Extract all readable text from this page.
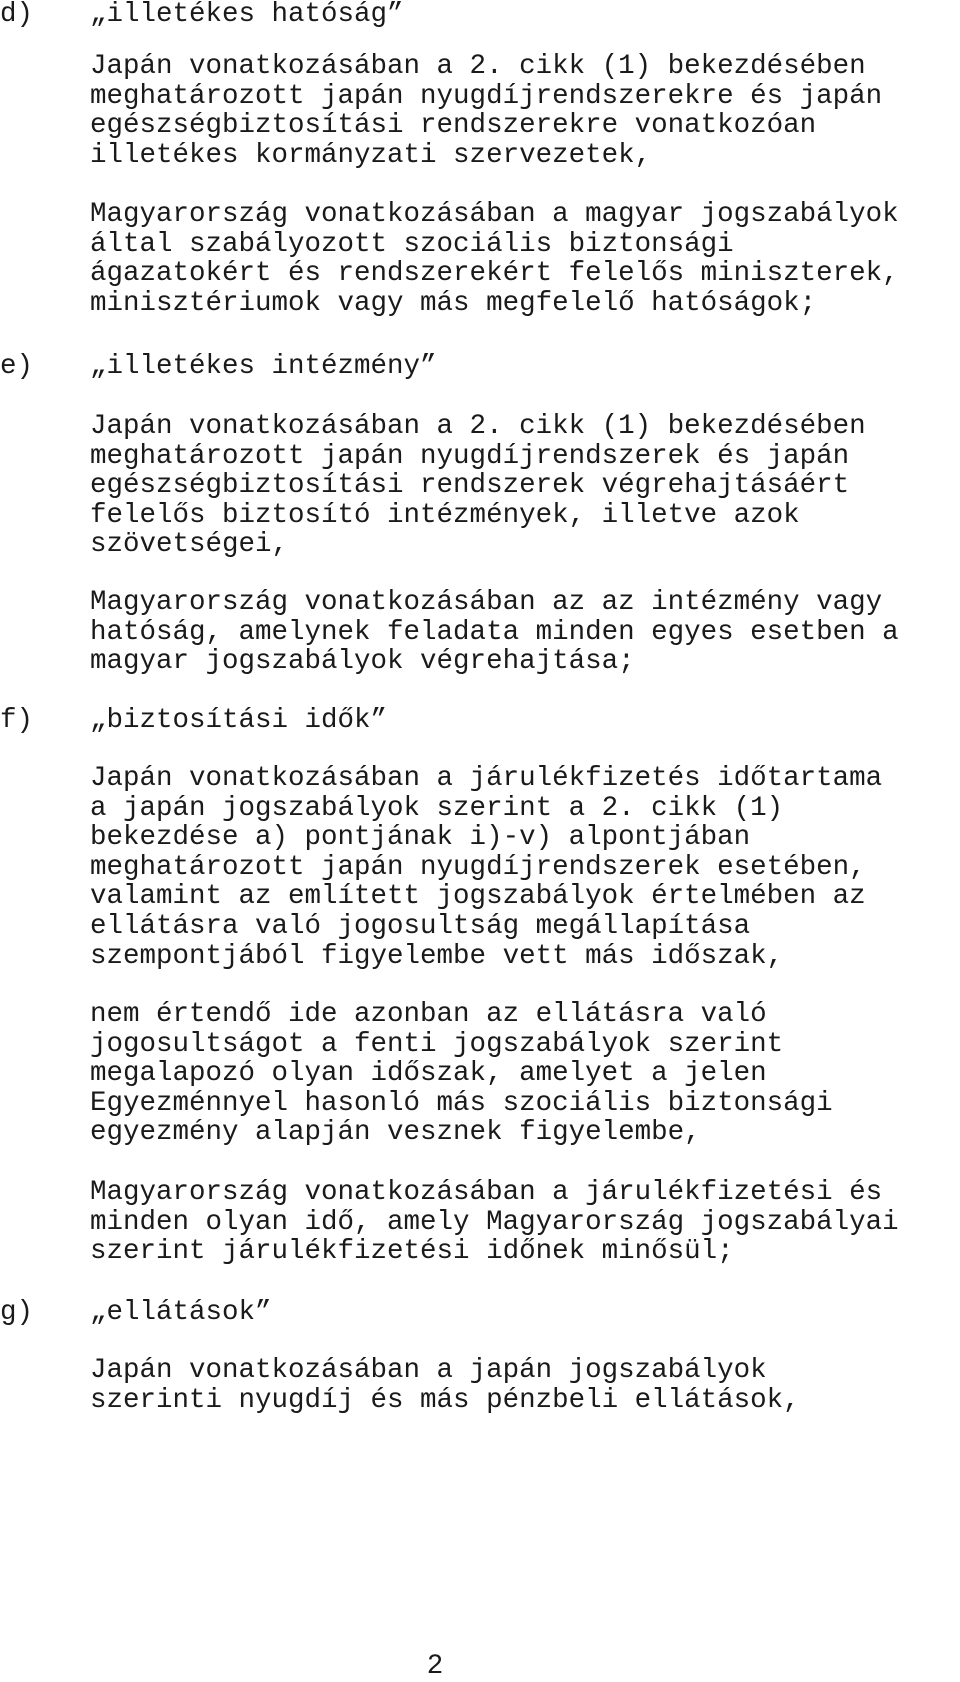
d) „illetékes hatóság”
Japán vonatkozásában a 2. cikk (1) bekezdésében
meghatározott japán nyugdíjrendszerekre és japán
egészségbiztosítási rendszerekre vonatkozóan
illetékes kormányzati szervezetek,
Magyarország vonatkozásában a magyar jogszabályok
által szabályozott szociális biztonsági
ágazatokért és rendszerekért felelős miniszterek,
minisztériumok vagy más megfelelő hatóságok;
e) „illetékes intézmény”
Japán vonatkozásában a 2. cikk (1) bekezdésében
meghatározott japán nyugdíjrendszerek és japán
egészségbiztosítási rendszerek végrehajtásáért
felelős biztosító intézmények, illetve azok
szövetségei,
Magyarország vonatkozásában az az intézmény vagy
hatóság, amelynek feladata minden egyes esetben a
magyar jogszabályok végrehajtása;
f) „biztosítási idők”
Japán vonatkozásában a járulékfizetés időtartama
a japán jogszabályok szerint a 2. cikk (1)
bekezdése a) pontjának i)-v) alpontjában
meghatározott japán nyugdíjrendszerek esetében,
valamint az említett jogszabályok értelmében az
ellátásra való jogosultság megállapítása
szempontjából figyelembe vett más időszak,
nem értendő ide azonban az ellátásra való
jogosultságot a fenti jogszabályok szerint
megalapozó olyan időszak, amelyet a jelen
Egyezménnyel hasonló más szociális biztonsági
egyezmény alapján vesznek figyelembe,
Magyarország vonatkozásában a járulékfizetési és
minden olyan idő, amely Magyarország jogszabályai
szerint járulékfizetési időnek minősül;
g) „ellátások”
Japán vonatkozásában a japán jogszabályok
szerinti nyugdíj és más pénzbeli ellátások,
2
